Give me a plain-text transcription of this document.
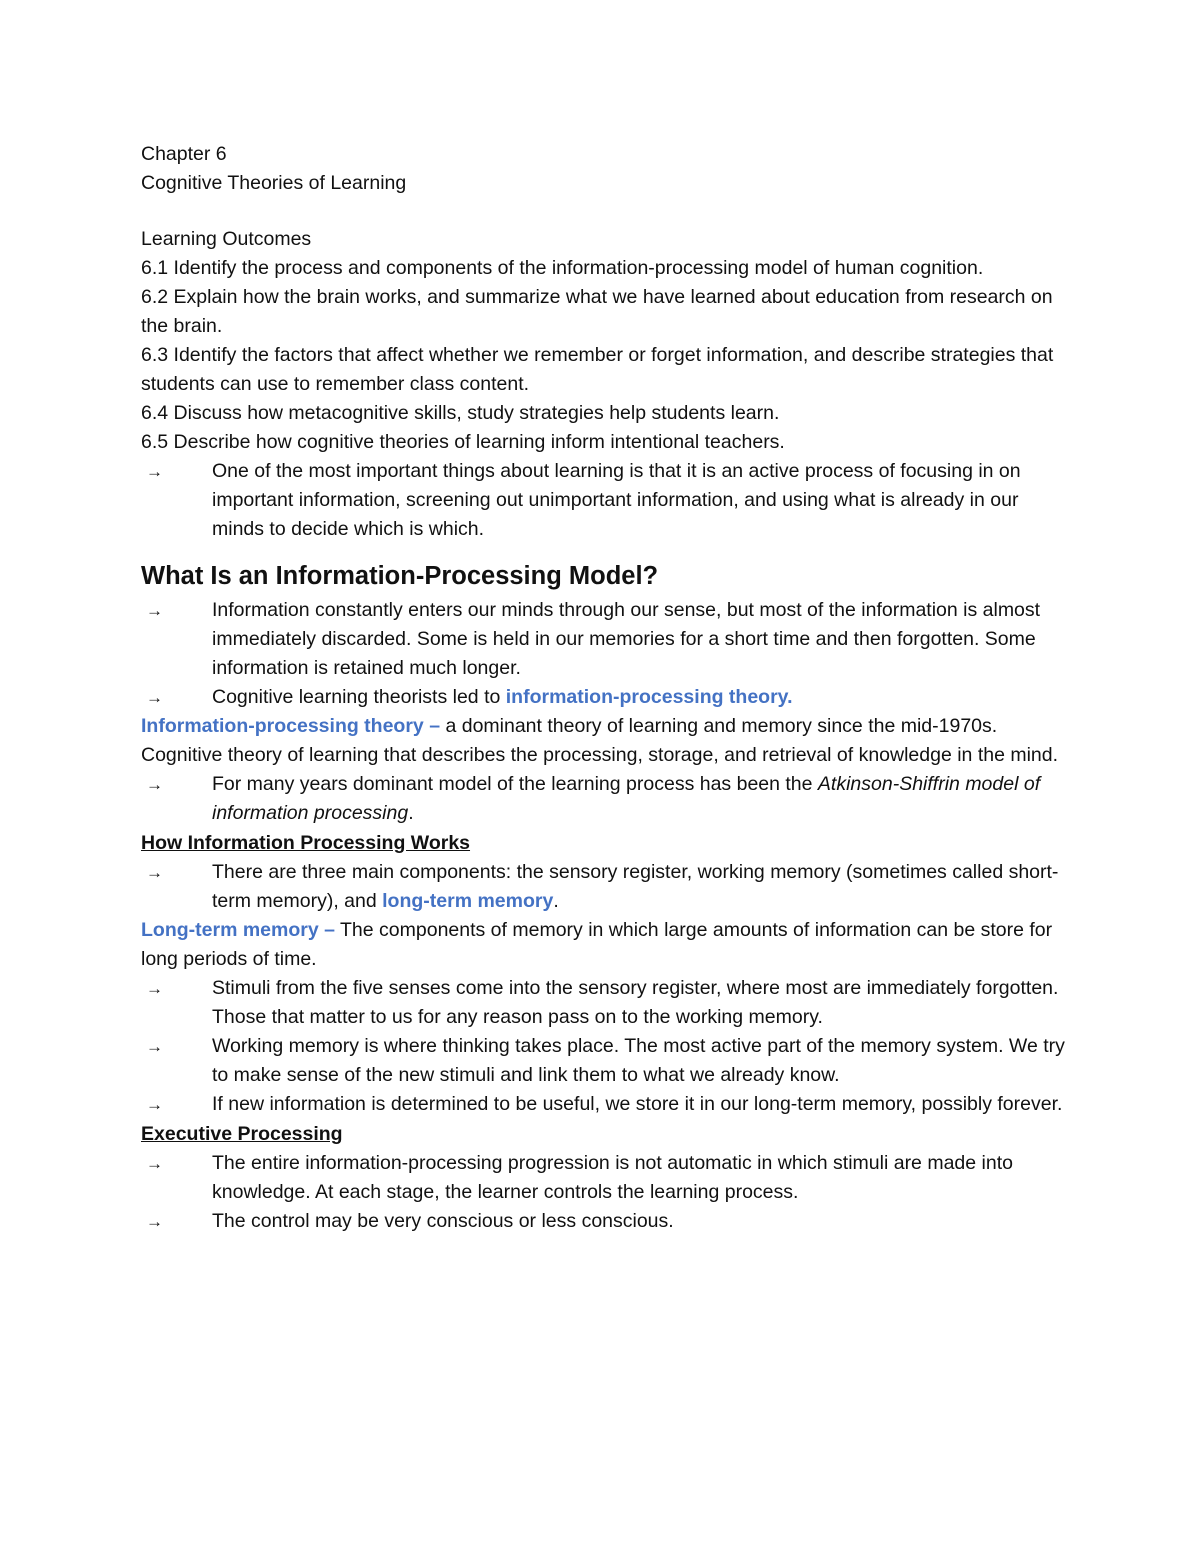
Chapter 6

Cognitive Theories of Learning

Learning Outcomes

6.1 Identify the process and components of the information-processing model of human cognition.

6.2 Explain how the brain works, and summarize what we have learned about education from research on the brain.

6.3 Identify the factors that affect whether we remember or forget information, and describe strategies that students can use to remember class content.

6.4 Discuss how metacognitive skills, study strategies help students learn.

6.5 Describe how cognitive theories of learning inform intentional teachers.

→	One of the most important things about learning is that it is an active process of focusing in on important information, screening out unimportant information, and using what is already in our minds to decide which is which.
What Is an Information-Processing Model?
→	Information constantly enters our minds through our sense, but most of the information is almost immediately discarded. Some is held in our memories for a short time and then forgotten. Some information is retained much longer.
→	Cognitive learning theorists led to information-processing theory.

Information-processing theory – a dominant theory of learning and memory since the mid-1970s. Cognitive theory of learning that describes the processing, storage, and retrieval of knowledge in the mind.

→	For many years dominant model of the learning process has been the Atkinson-Shiffrin model of information processing.

How Information Processing Works

→	There are three main components: the sensory register, working memory (sometimes called short-term memory), and long-term memory.

Long-term memory – The components of memory in which large amounts of information can be store for long periods of time.

→	Stimuli from the five senses come into the sensory register, where most are immediately forgotten. Those that matter to us for any reason pass on to the working memory.
→	Working memory is where thinking takes place. The most active part of the memory system. We try to make sense of the new stimuli and link them to what we already know.
→	If new information is determined to be useful, we store it in our long-term memory, possibly forever.

Executive Processing

→	The entire information-processing progression is not automatic in which stimuli are made into knowledge. At each stage, the learner controls the learning process.
→	The control may be very conscious or less conscious.
